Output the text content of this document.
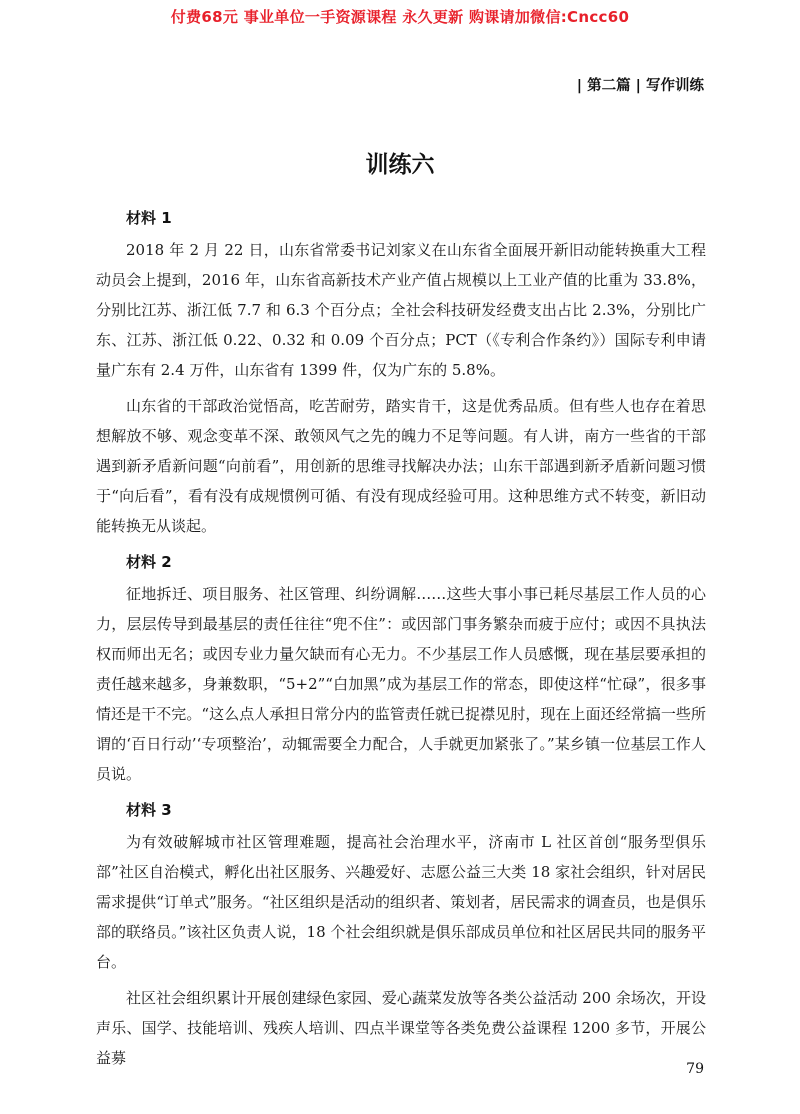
付费68元 事业单位一手资源课程 永久更新 购课请加微信:Cncc60
| 第二篇 | 写作训练
训练六
材料 1

2018 年 2 月 22 日，山东省常委书记刘家义在山东省全面展开新旧动能转换重大工程动员会上提到，2016 年，山东省高新技术产业产值占规模以上工业产值的比重为 33.8%，分别比江苏、浙江低 7.7 和 6.3 个百分点；全社会科技研发经费支出占比 2.3%，分别比广东、江苏、浙江低 0.22、0.32 和 0.09 个百分点；PCT（《专利合作条约》）国际专利申请量广东有 2.4 万件，山东省有 1399 件，仅为广东的 5.8%。

山东省的干部政治觉悟高，吃苦耐劳，踏实肯干，这是优秀品质。但有些人也存在着思想解放不够、观念变革不深、敢领风气之先的魄力不足等问题。有人讲，南方一些省的干部遇到新矛盾新问题“向前看”，用创新的思维寻找解决办法；山东干部遇到新矛盾新问题习惯于“向后看”，看有没有成规惯例可循、有没有现成经验可用。这种思维方式不转变，新旧动能转换无从谈起。

材料 2

征地拆迁、项目服务、社区管理、纠纷调解……这些大事小事已耗尽基层工作人员的心力，层层传导到最基层的责任往往“兜不住”：或因部门事务繁杂而疲于应付；或因不具执法权而师出无名；或因专业力量欠缺而有心无力。不少基层工作人员感慨，现在基层要承担的责任越来越多，身兼数职，“5+2”“白加黑”成为基层工作的常态，即使这样“忙碌”，很多事情还是干不完。“这么点人承担日常分内的监管责任就已捉襟见肘，现在上面还经常搞一些所谓的‘百日行动’‘专项整治’，动辄需要全力配合，人手就更加紧张了。”某乡镇一位基层工作人员说。

材料 3

为有效破解城市社区管理难题，提高社会治理水平，济南市 L 社区首创“服务型俱乐部”社区自治模式，孵化出社区服务、兴趣爱好、志愿公益三大类 18 家社会组织，针对居民需求提供“订单式”服务。“社区组织是活动的组织者、策划者，居民需求的调查员，也是俱乐部的联络员。”该社区负责人说，18 个社会组织就是俱乐部成员单位和社区居民共同的服务平台。

社区社会组织累计开展创建绿色家园、爱心蔬菜发放等各类公益活动 200 余场次，开设声乐、国学、技能培训、残疾人培训、四点半课堂等各类免费公益课程 1200 多节，开展公益募

79
